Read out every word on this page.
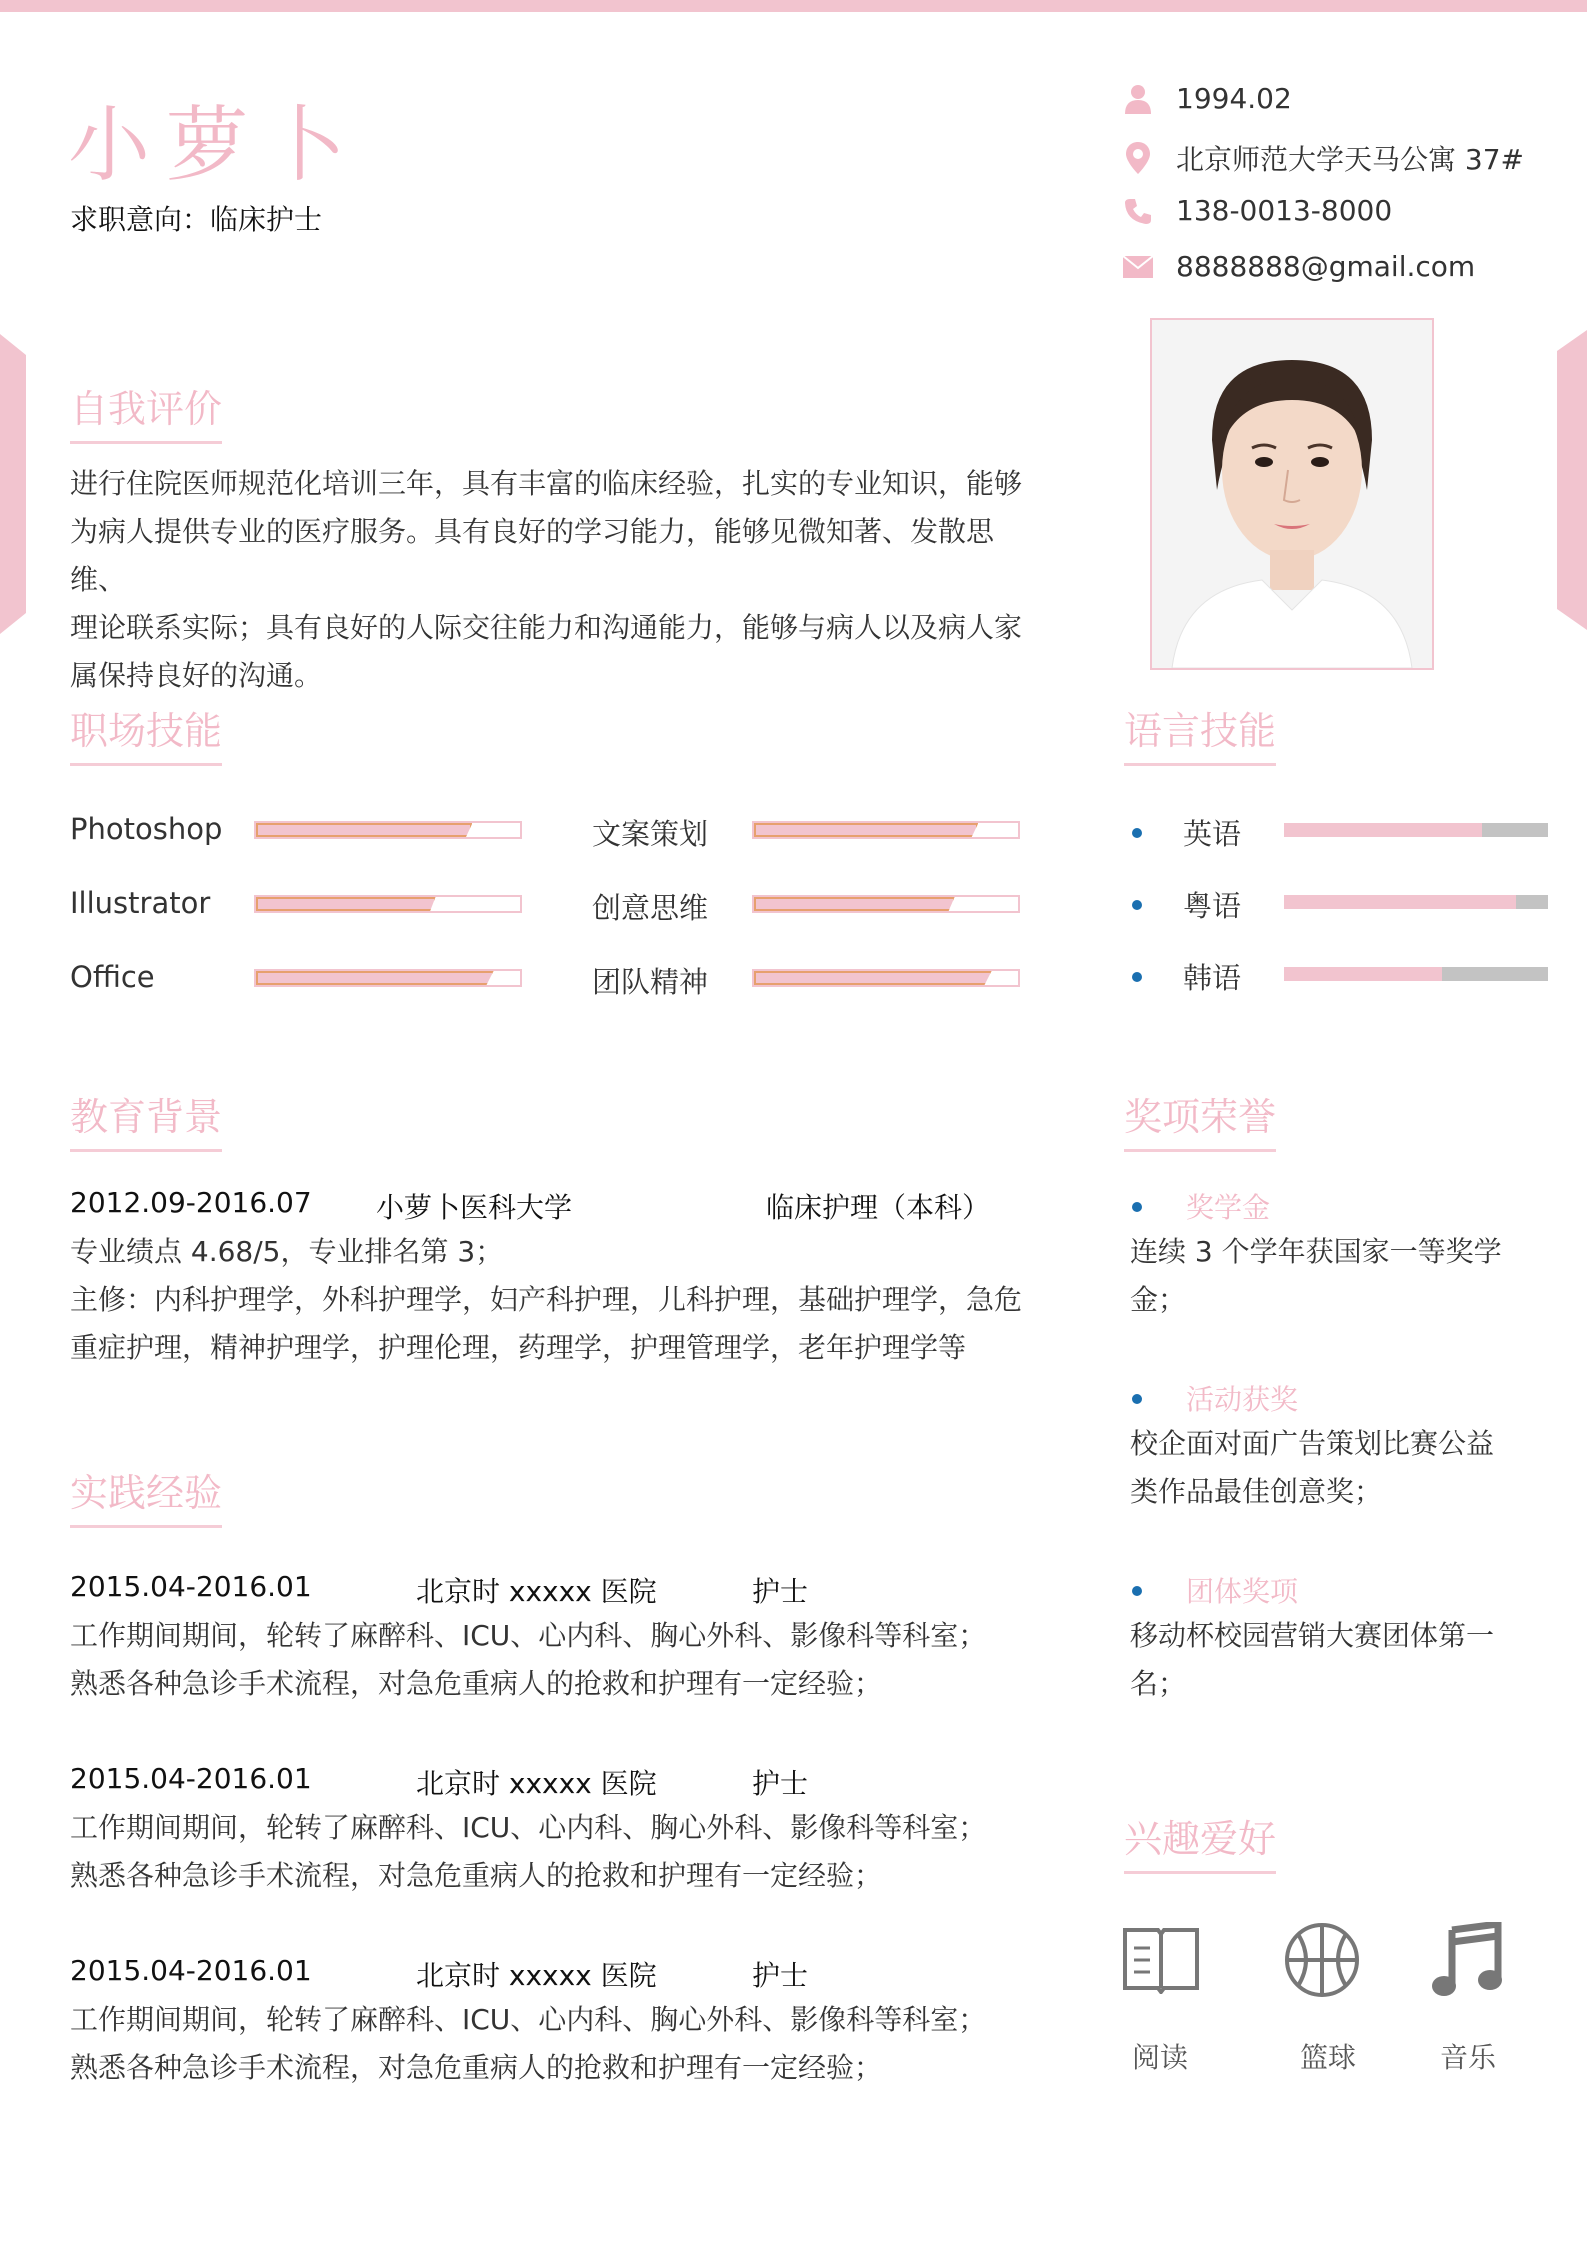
小萝卜
求职意向：临床护士
1994.02
北京师范大学天马公寓 37#
138-0013-8000
8888888@gmail.com
自我评价
进行住院医师规范化培训三年，具有丰富的临床经验，扎实的专业知识，能够
为病人提供专业的医疗服务。具有良好的学习能力，能够见微知著、发散思维、
理论联系实际；具有良好的人际交往能力和沟通能力，能够与病人以及病人家
属保持良好的沟通。
职场技能
Photoshop
Illustrator
Office
文案策划
创意思维
团队精神
语言技能
英语
粤语
韩语
教育背景
2012.09-2016.07 小萝卜医科大学	临床护理（本科）
专业绩点 4.68/5，专业排名第 3；
主修：内科护理学，外科护理学，妇产科护理，儿科护理，基础护理学，急危
重症护理，精神护理学，护理伦理，药理学，护理管理学，老年护理学等
实践经验
2015.04-2016.01	北京时 xxxxx 医院	护士
工作期间期间，轮转了麻醉科、ICU、心内科、胸心外科、影像科等科室；
熟悉各种急诊手术流程，对急危重病人的抢救和护理有一定经验；
2015.04-2016.01	北京时 xxxxx 医院	护士
工作期间期间，轮转了麻醉科、ICU、心内科、胸心外科、影像科等科室；
熟悉各种急诊手术流程，对急危重病人的抢救和护理有一定经验；
2015.04-2016.01	北京时 xxxxx 医院	护士
工作期间期间，轮转了麻醉科、ICU、心内科、胸心外科、影像科等科室；
熟悉各种急诊手术流程，对急危重病人的抢救和护理有一定经验；
奖项荣誉
奖学金
连续 3 个学年获国家一等奖学
金；
活动获奖
校企面对面广告策划比赛公益
类作品最佳创意奖；
团体奖项
移动杯校园营销大赛团体第一
名；
兴趣爱好
阅读	篮球	音乐
